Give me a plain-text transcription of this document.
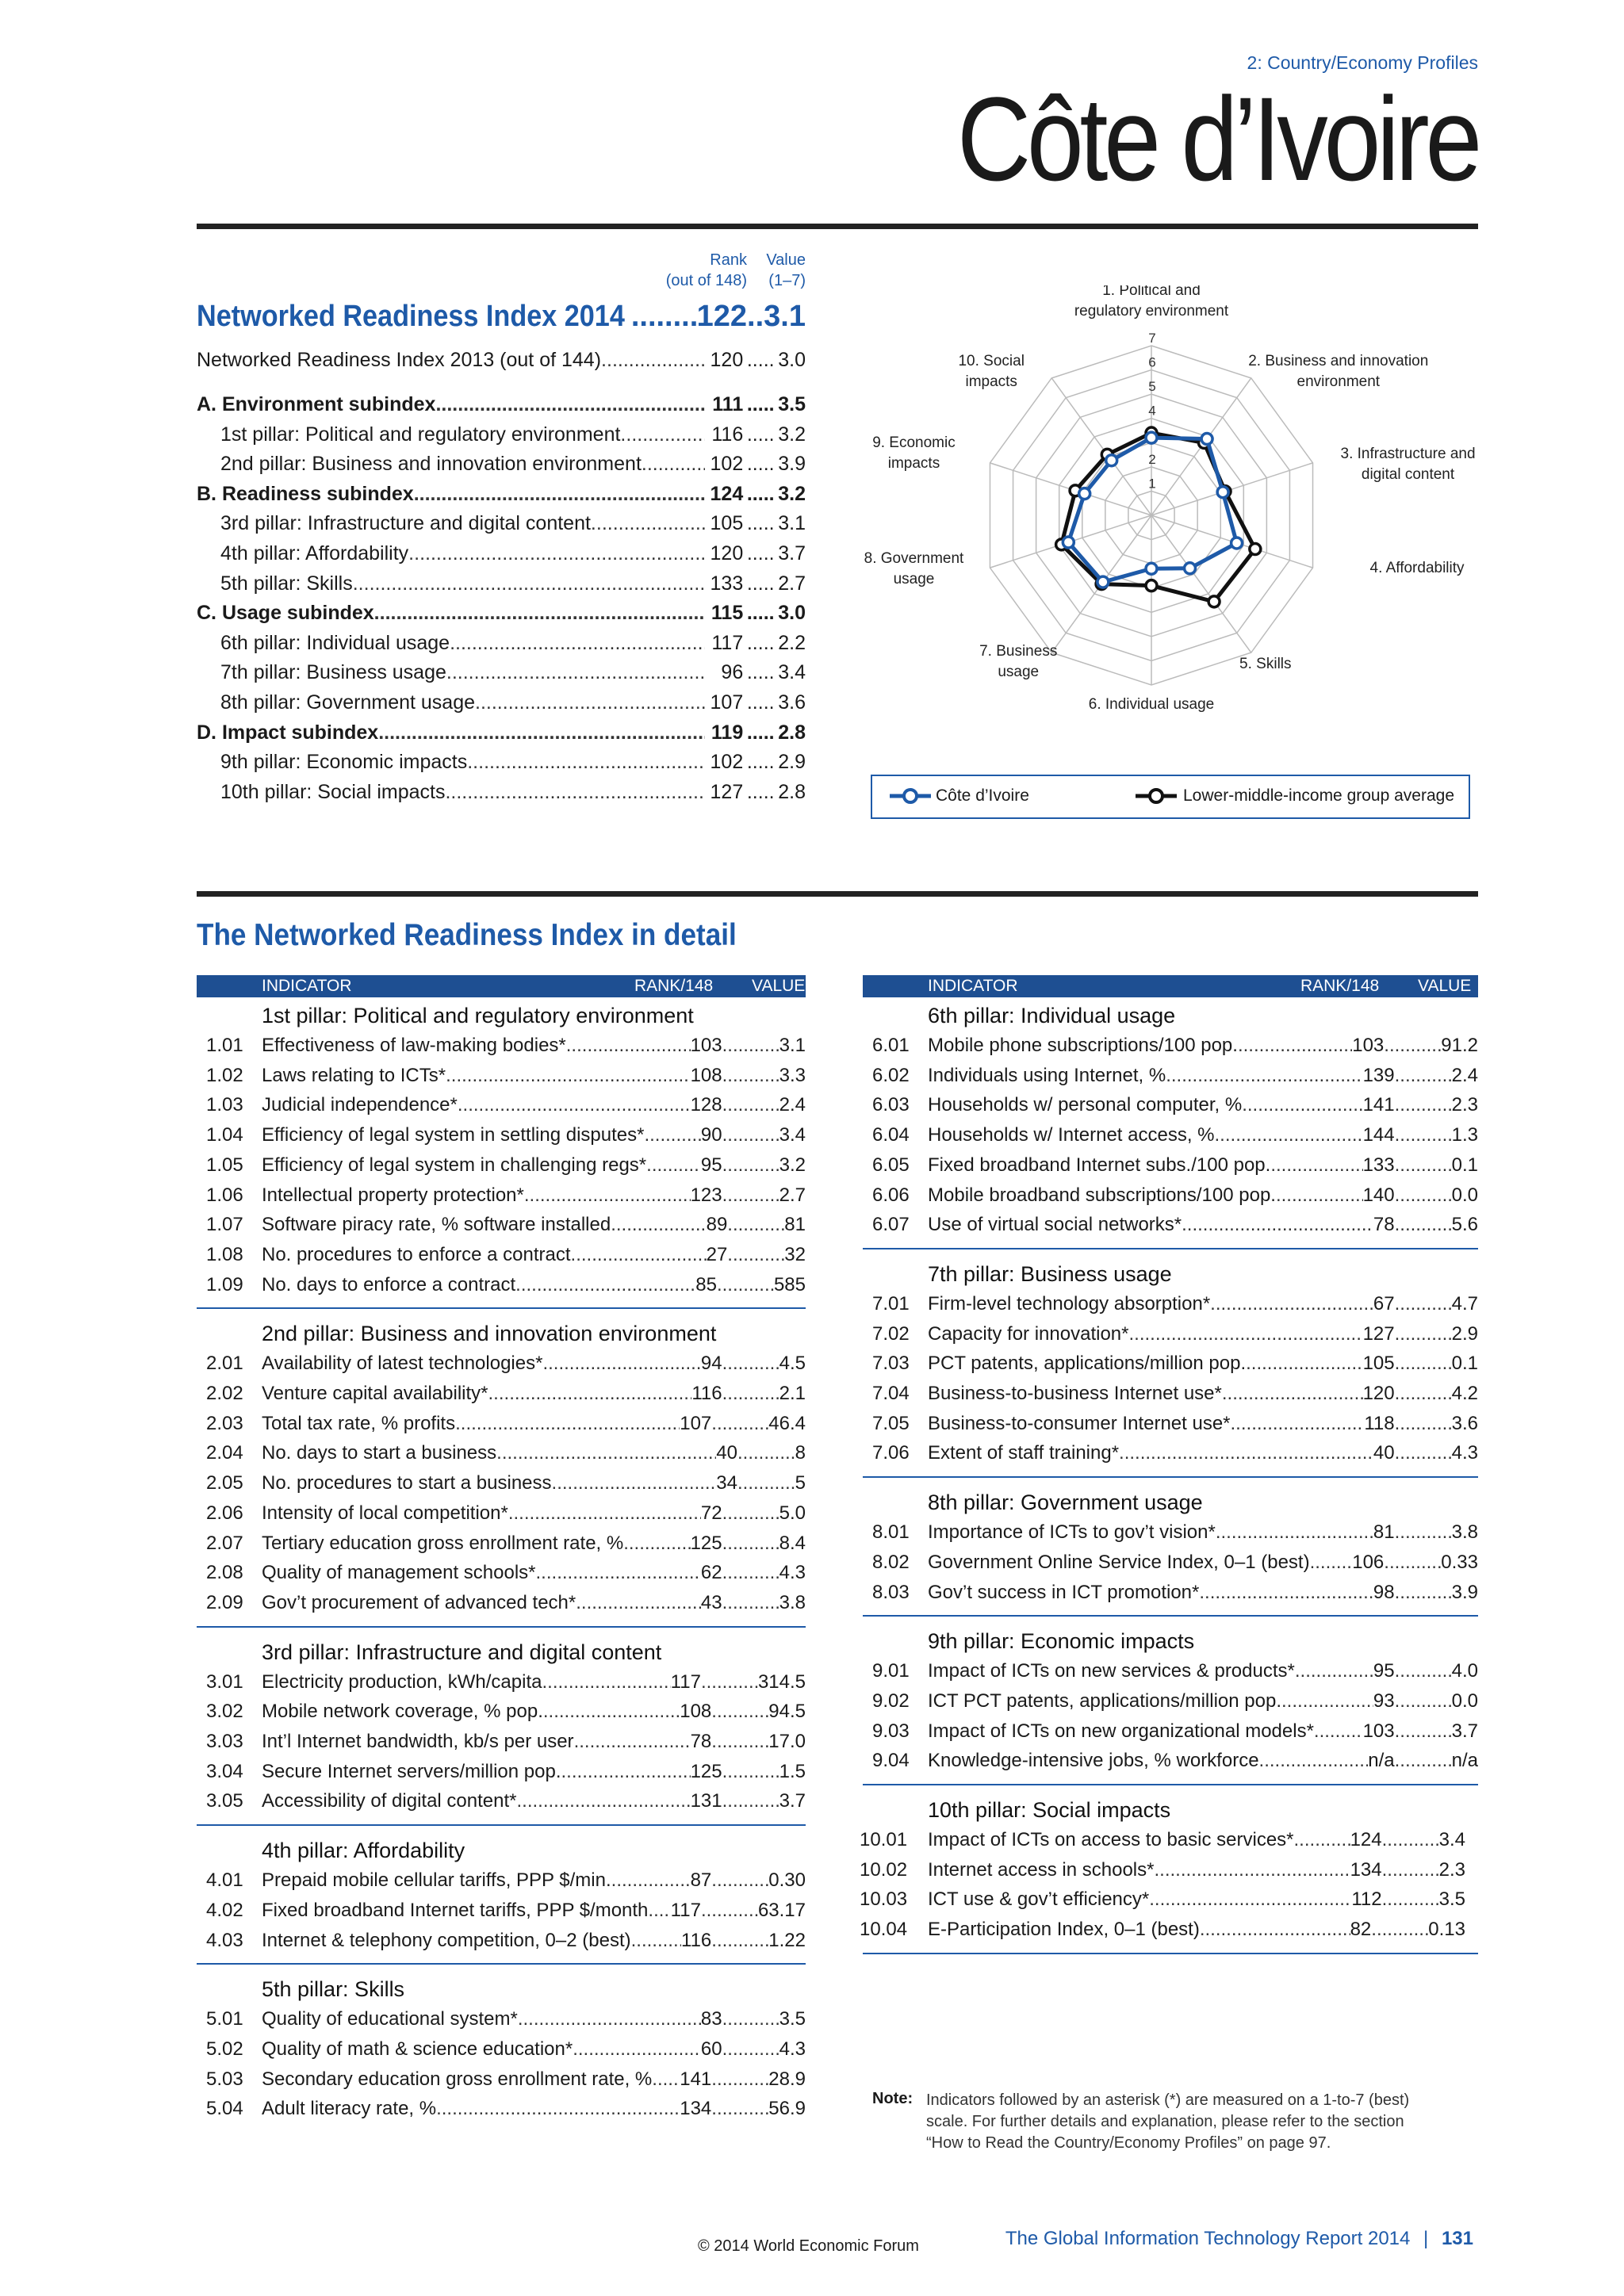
2: Country/Economy Profiles
Côte d’Ivoire
Rank
(out of 148)
Value
(1–7)
Networked Readiness Index 2014 ..... 122 .. 3.1
Networked Readiness Index 2013 (out of 144) .....	120 ..... 3.0
A. Environment subindex .....	111 ..... 3.5
1st pillar: Political and regulatory environment .....	116 ..... 3.2
2nd pillar: Business and innovation environment .....	102 ..... 3.9
B. Readiness subindex .....	124 ..... 3.2
3rd pillar: Infrastructure and digital content .....	105 ..... 3.1
4th pillar: Affordability .....	120 ..... 3.7
5th pillar: Skills .....	133 ..... 2.7
C. Usage subindex .....	115 ..... 3.0
6th pillar: Individual usage .....	117 ..... 2.2
7th pillar: Business usage .....	96 ..... 3.4
8th pillar: Government usage .....	107 ..... 3.6
D. Impact subindex .....	119 ..... 2.8
9th pillar: Economic impacts .....	102 ..... 2.9
10th pillar: Social impacts .....	127 ..... 2.8
1
2
4
5
6
7
1. Political and
regulatory environment
2. Business and innovation
environment
3. Infrastructure and
digital content
4. Affordability
5. Skills
6. Individual usage
7. Business
usage
8. Government
usage
9. Economic
impacts
10. Social
impacts
Côte d’Ivoire	Lower-middle-income group average
The Networked Readiness Index in detail
INDICATOR	RANK/148 VALUE	INDICATOR	RANK/148 VALUE
1st pillar: Political and regulatory environment
1.01 Effectiveness of law-making bodies* .....	103 .....	3.1
1.02 Laws relating to ICTs* .....	108 .....	3.3
1.03 Judicial independence* .....	128 .....	2.4
1.04 Efficiency of legal system in settling disputes* .....	90 .....	3.4
1.05 Efficiency of legal system in challenging regs* .....	95 .....	3.2
1.06 Intellectual property protection* .....	123 .....	2.7
1.07 Software piracy rate, % software installed .....	89 .....	81
1.08 No. procedures to enforce a contract .....	27 .....	32
1.09 No. days to enforce a contract .....	85 .....	585
2nd pillar: Business and innovation environment
2.01 Availability of latest technologies* .....	94 .....	4.5
2.02 Venture capital availability* .....	116 .....	2.1
2.03 Total tax rate, % profits .....	107 .....	46.4
2.04 No. days to start a business .....	40 .....	8
2.05 No. procedures to start a business .....	34 .....	5
2.06 Intensity of local competition* .....	72 .....	5.0
2.07 Tertiary education gross enrollment rate, % .....	125 .....	8.4
2.08 Quality of management schools* .....	62 .....	4.3
2.09 Gov’t procurement of advanced tech* .....	43 .....	3.8
3rd pillar: Infrastructure and digital content
3.01 Electricity production, kWh/capita .....	117 .....	314.5
3.02 Mobile network coverage, % pop. .....	108 .....	94.5
3.03 Int’l Internet bandwidth, kb/s per user .....	78 .....	17.0
3.04 Secure Internet servers/million pop. .....	125 .....	1.5
3.05 Accessibility of digital content* .....	131 .....	3.7
4th pillar: Affordability
4.01 Prepaid mobile cellular tariffs, PPP $/min. .....	87 .....	0.30
4.02 Fixed broadband Internet tariffs, PPP $/month ..... 117 .....	63.17
4.03 Internet & telephony competition, 0–2 (best) .....	116 .....	1.22
5th pillar: Skills
5.01 Quality of educational system* .....	83 .....	3.5
5.02 Quality of math & science education* .....	60 .....	4.3
5.03 Secondary education gross enrollment rate, % ..... 141 .....	28.9
5.04 Adult literacy rate, % .....	134 .....	56.9
6th pillar: Individual usage
6.01 Mobile phone subscriptions/100 pop. .....	103 .....	91.2
6.02 Individuals using Internet, % .....	139 .....	2.4
6.03 Households w/ personal computer, % .....	141 .....	2.3
6.04 Households w/ Internet access, % .....	144 .....	1.3
6.05 Fixed broadband Internet subs./100 pop. .....	133 .....	0.1
6.06 Mobile broadband subscriptions/100 pop. .....	140 .....	0.0
6.07 Use of virtual social networks* .....	78 .....	5.6
7th pillar: Business usage
7.01 Firm-level technology absorption* .....	67 .....	4.7
7.02 Capacity for innovation* .....	127 .....	2.9
7.03 PCT patents, applications/million pop. .....	105 .....	0.1
7.04 Business-to-business Internet use* .....	120 .....	4.2
7.05 Business-to-consumer Internet use* .....	118 .....	3.6
7.06 Extent of staff training* .....	40 .....	4.3
8th pillar: Government usage
8.01 Importance of ICTs to gov’t vision* .....	81 .....	3.8
8.02 Government Online Service Index, 0–1 (best) ..... 106 .....	0.33
8.03 Gov’t success in ICT promotion* .....	98 .....	3.9
9th pillar: Economic impacts
9.01 Impact of ICTs on new services & products* .....	95 .....	4.0
9.02 ICT PCT patents, applications/million pop. .....	93 .....	0.0
9.03 Impact of ICTs on new organizational models* .....	103 .....	3.7
9.04 Knowledge-intensive jobs, % workforce .....	n/a .....	n/a
10th pillar: Social impacts
10.01 Impact of ICTs on access to basic services* .....	124 .....	3.4
10.02 Internet access in schools* .....	134 .....	2.3
10.03 ICT use & gov’t efficiency* .....	112 .....	3.5
10.04 E-Participation Index, 0–1 (best) .....	82 .....	0.13
Note: Indicators followed by an asterisk (*) are measured on a 1-to-7 (best) scale. For further details and explanation, please refer to the section “How to Read the Country/Economy Profiles” on page 97.
The Global Information Technology Report 2014 | 131
© 2014 World Economic Forum
